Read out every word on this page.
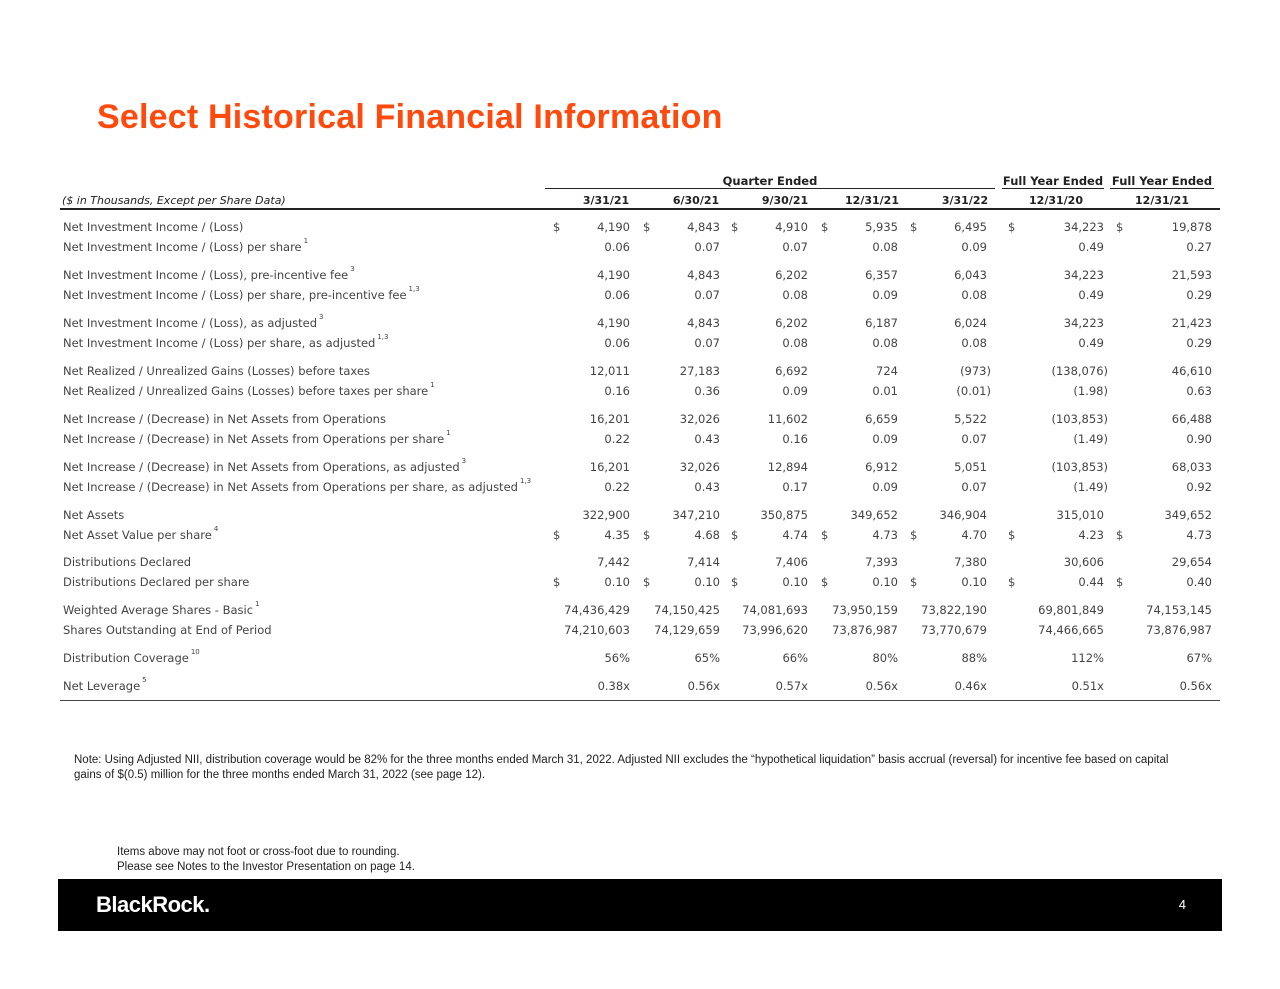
Select Historical Financial Information
Quarter Ended	Full Year Ended Full Year Ended
($ in Thousands, Except per Share Data)	3/31/21	6/30/21	9/30/21	12/31/21	3/31/22	12/31/20	12/31/21
Net Investment Income / (Loss)	$	4,190 $	4,843 $	4,910 $	5,935 $	6,495 $	34,223 $	19,878
Net Investment Income / (Loss) per share $^1$	0.06	0.07	0.07	0.08	0.09	0.49	0.27
Net Investment Income / (Loss), pre-incentive fee $^3$	4,190	4,843	6,202	6,357	6,043	34,223	21,593
Net Investment Income / (Loss) per share, pre-incentive fee $^{1,3}$	0.06	0.07	0.08	0.09	0.08	0.49	0.29
Net Investment Income / (Loss), as adjusted $^3$	4,190	4,843	6,202	6,187	6,024	34,223	21,423
Net Investment Income / (Loss) per share, as adjusted $^{1,3}$	0.06	0.07	0.08	0.08	0.08	0.49	0.29
Net Realized / Unrealized Gains (Losses) before taxes	12,011	27,183	6,692	724	(973)	(138,076)	46,610
Net Realized / Unrealized Gains (Losses) before taxes per share $^1$	0.16	0.36	0.09	0.01	(0.01)	(1.98)	0.63
Net Increase / (Decrease) in Net Assets from Operations	16,201	32,026	11,602	6,659	5,522	(103,853)	66,488
Net Increase / (Decrease) in Net Assets from Operations per share $^1$	0.22	0.43	0.16	0.09	0.07	(1.49)	0.90
Net Increase / (Decrease) in Net Assets from Operations, as adjusted $^3$	16,201	32,026	12,894	6,912	5,051	(103,853)	68,033
Net Increase / (Decrease) in Net Assets from Operations per share, as adjusted $^{1,3}$	0.22	0.43	0.17	0.09	0.07	(1.49)	0.92
Net Assets	322,900	347,210	350,875	349,652	346,904	315,010	349,652
Net Asset Value per share $^4$	$	4.35 $	4.68 $	4.74 $	4.73 $	4.70 $	4.23 $	4.73
Distributions Declared	7,442	7,414	7,406	7,393	7,380	30,606	29,654
Distributions Declared per share	$	0.10 $	0.10 $	0.10 $	0.10 $	0.10 $	0.44 $	0.40
Weighted Average Shares - Basic $^1$	74,436,429	74,150,425	74,081,693	73,950,159	73,822,190	69,801,849	74,153,145
Shares Outstanding at End of Period	74,210,603	74,129,659	73,996,620	73,876,987	73,770,679	74,466,665	73,876,987
Distribution Coverage $^{10}$	56%	65%	66%	80%	88%	112%	67%
Net Leverage $^5$	0.38x	0.56x	0.57x	0.56x	0.46x	0.51x	0.56x
Note: Using Adjusted NII, distribution coverage would be 82% for the three months ended March 31, 2022. Adjusted NII excludes the “hypothetical liquidation” basis accrual (reversal) for incentive fee based on capital gains of $(0.5) million for the three months ended March 31, 2022 (see page 12).
Items above may not foot or cross-foot due to rounding.
Please see Notes to the Investor Presentation on page 14.
BlackRock.	4
